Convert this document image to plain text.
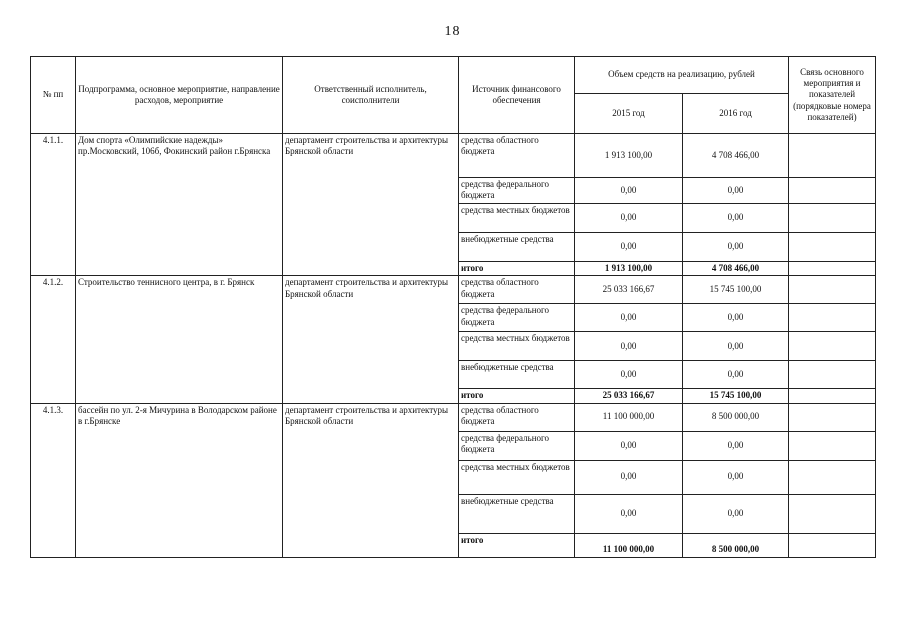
18
№ пп	Подпрограмма, основное мероприятие, направление расходов, мероприятие	Ответственный исполнитель, соисполнители	Источник финансового обеспечения	Объем средств на реализацию, рублей		Связь основного мероприятия и показателей (порядковые номера показателей)
				2015 год	2016 год	
4.1.1.	Дом спорта «Олимпийские надежды» пр.Московский, 106б, Фокинский район г.Брянска	департамент строительства и архитектуры Брянской области	средства областного бюджета	1 913 100,00	4 708 466,00	
			средства федерального бюджета	0,00	0,00	
			средства местных бюджетов	0,00	0,00	
			внебюджетные средства	0,00	0,00	
			итого	1 913 100,00	4 708 466,00	
4.1.2.	Строительство теннисного центра, в г. Брянск	департамент строительства и архитектуры Брянской области	средства областного бюджета	25 033 166,67	15 745 100,00	
			средства федерального бюджета	0,00	0,00	
			средства местных бюджетов	0,00	0,00	
			внебюджетные средства	0,00	0,00	
			итого	25 033 166,67	15 745 100,00	
4.1.3.	бассейн по ул. 2-я Мичурина в Володарском районе в г.Брянске	департамент строительства и архитектуры Брянской области	средства областного бюджета	11 100 000,00	8 500 000,00	
			средства федерального бюджета	0,00	0,00	
			средства местных бюджетов	0,00	0,00	
			внебюджетные средства	0,00	0,00	
			итого	11 100 000,00	8 500 000,00	
